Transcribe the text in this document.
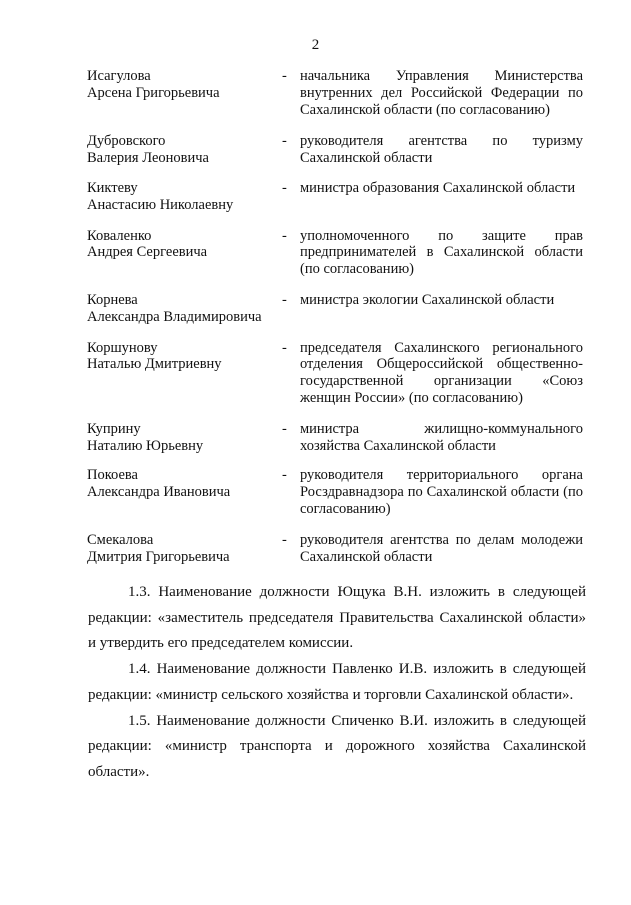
2
Исагулова
Арсена Григорьевича
- начальника Управления Министерства внутренних дел Российской Федерации по Сахалинской области (по согласованию)
Дубровского
Валерия Леоновича
- руководителя агентства по туризму Сахалинской области
Киктеву
Анастасию Николаевну
- министра образования Сахалинской области
Коваленко
Андрея Сергеевича
- уполномоченного по защите прав предпринимателей в Сахалинской области (по согласованию)
Корнева
Александра Владимировича
- министра экологии Сахалинской области
Коршунову
Наталью Дмитриевну
- председателя Сахалинского регионального отделения Общероссийской общественно-государственной организации «Союз женщин России» (по согласованию)
Куприну
Наталию Юрьевну
- министра жилищно-коммунального хозяйства Сахалинской области
Покоева
Александра Ивановича
- руководителя территориального органа Росздравнадзора по Сахалинской области (по согласованию)
Смекалова
Дмитрия Григорьевича
- руководителя агентства по делам молодежи Сахалинской области

1.3. Наименование должности Ющука В.Н. изложить в следующей редакции: «заместитель председателя Правительства Сахалинской области» и утвердить его председателем комиссии.

1.4. Наименование должности Павленко И.В. изложить в следующей редакции: «министр сельского хозяйства и торговли Сахалинской области».

1.5. Наименование должности Спиченко В.И. изложить в следующей редакции: «министр транспорта и дорожного хозяйства Сахалинской области».
